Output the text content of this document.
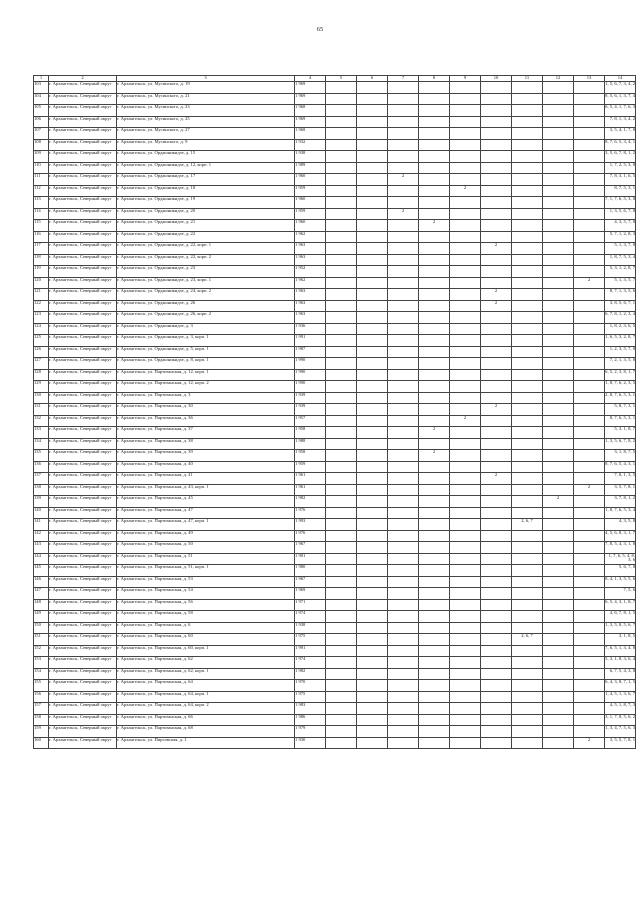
65
1	2	3	4	5	6	7	8	9	10	11	12	13	14
103	г. Архангельск, Северный округ	г. Архангельск, ул. Мусинского, д. 19	1 969										1, 5, 6, 7, 3, 4, 2
104	г. Архангельск, Северный округ	г. Архангельск, ул. Мусинского, д. 21	1 969										8, 5, 6, 1, 3, 7, 4
105	г. Архангельск, Северный округ	г. Архангельск, ул. Мусинского, д. 23	1 968										6, 5, 4, 1, 7, 6, 3
106	г. Архангельск, Северный округ	г. Архангельск, ул. Мусинского, д. 25	1 969										7, 8, 1, 3, 4, 2
107	г. Архангельск, Северный округ	г. Архангельск, ул. Мусинского, д. 27	1 968										3, 5, 4, 1, 7, 8
108	г. Архангельск, Северный округ	г. Архангельск, ул. Мусинского, д. 9	1 932										8, 7, 6, 5, 3, 4, 1
109	г. Архангельск, Северный округ	г. Архангельск, ул. Орджоникидзе, д. 15	1 938										3, 5, 6, 7, 8, 1, 2
110	г. Архангельск, Северный округ	г. Архангельск, ул. Орджоникидзе, д. 12, корп. 1	1 989										1, 7, 2, 5, 3, 8
111	г. Архангельск, Северный округ	г. Архангельск, ул. Орджоникидзе, д. 17	1 960			2							7, 8, 3, 1, 6, 5
112	г. Архангельск, Северный округ	г. Архангельск, ул. Орджоникидзе, д. 18	1 959					2					8, 7, 5, 3, 1
113	г. Архангельск, Северный округ	г. Архангельск, ул. Орджоникидзе, д. 19	1 960										7, 1, 7, 6, 5, 3, 8
114	г. Архангельск, Северный округ	г. Архангельск, ул. Орджоникидзе, д. 20	1 959			2							1, 3, 5, 6, 7, 8
115	г. Архангельск, Северный округ	г. Архангельск, ул. Орджоникидзе, д. 21	1 960				2						4, 3, 5, 7, 8
116	г. Архангельск, Северный округ	г. Архангельск, ул. Орджоникидзе, д. 22	1 962										5, 7, 1, 2, 8, 3
117	г. Архангельск, Северный округ	г. Архангельск, ул. Орджоникидзе, д. 22, корп. 1	1 963						2				5, 1, 3, 7, 8
118	г. Архангельск, Северный округ	г. Архангельск, ул. Орджоникидзе, д. 22, корп. 2	1 963										1, 8, 7, 5, 3, 4
119	г. Архангельск, Северный округ	г. Архангельск, ул. Орджоникидзе, д. 23	1 952										5, 3, 1, 2, 8, 7
120	г. Архангельск, Северный округ	г. Архангельск, ул. Орджоникидзе, д. 23, корп. 1	1 962									2	5, 1, 3, 5, 7
121	г. Архангельск, Северный округ	г. Архангельск, ул. Орджоникидзе, д. 24, корп. 2	1 963						2				8, 7, 1, 3, 5, 6
122	г. Архангельск, Северный округ	г. Архангельск, ул. Орджоникидзе, д. 26	1 963						2				3, 8, 5, 6, 7, 1
123	г. Архангельск, Северный округ	г. Архангельск, ул. Орджоникидзе, д. 26, корп. 2	1 963										6, 7, 8, 1, 2, 3, 4
124	г. Архангельск, Северный округ	г. Архангельск, ул. Орджоникидзе, д. 3	1 936										1, 8, 2, 3, 6, 5
125	г. Архангельск, Северный округ	г. Архангельск, ул. Орджоникидзе, д. 3, корп. 1	1 991										1, 6, 5, 3, 2, 8, 7
126	г. Архангельск, Северный округ	г. Архангельск, ул. Орджоникидзе, д. 5, корп. 1	1 987										1, 2, 3, 5, 7, 8
127	г. Архангельск, Северный округ	г. Архангельск, ул. Орджоникидзе, д. 8, корп. 1	1 990										7, 2, 1, 3, 5, 8
128	г. Архангельск, Северный округ	г. Архангельск, ул. Партизанская, д. 12, корп. 1	1 990										6, 5, 2, 3, 8, 1, 7
129	г. Архангельск, Северный округ	г. Архангельск, ул. Партизанская, д. 12, корп. 2	1 990										1, 8, 7, 6, 2, 3, 5
130	г. Архангельск, Северный округ	г. Архангельск, ул. Партизанская, д. 3	1 939										2, 8, 7, 6, 5, 3, 1
131	г. Архангельск, Северный округ	г. Архангельск, ул. Партизанская, д. 30	1 939						2				5, 8, 7, 3, 1
132	г. Архангельск, Северный округ	г. Архангельск, ул. Партизанская, д. 36	1 957					2					8, 7, 6, 5, 3, 1
133	г. Архангельск, Северный округ	г. Архангельск, ул. Партизанская, д. 37	1 958				2						5, 3, 1, 8, 7
134	г. Архангельск, Северный округ	г. Архангельск, ул. Партизанская, д. 38	1 988										1, 3, 5, 6, 7, 8, 2
135	г. Архангельск, Северный округ	г. Архангельск, ул. Партизанская, д. 39	1 958				2						3, 1, 8, 7, 5
136	г. Архангельск, Северный округ	г. Архангельск, ул. Партизанская, д. 40	1 959										8, 7, 6, 5, 4, 3, 1
137	г. Архангельск, Северный округ	г. Архангельск, ул. Партизанская, д. 41	1 961						2				7, 8, 1, 3, 5
138	г. Архангельск, Северный округ	г. Архангельск, ул. Партизанская, д. 43, корп. 1	1 961									2	3, 5, 7, 8, 1
139	г. Архангельск, Северный округ	г. Архангельск, ул. Партизанская, д. 45	1 982								2		3, 7, 8, 1, 2
140	г. Архангельск, Северный округ	г. Архангельск, ул. Партизанская, д. 47	1 976										1, 8, 7, 6, 5, 3, 4
141	г. Архангельск, Северный округ	г. Архангельск, ул. Партизанская, д. 47, корп. 1	1 993							2, 6, 7			4, 3, 5, 8
142	г. Архангельск, Северный округ	г. Архангельск, ул. Партизанская, д. 49	1 976										4, 5, 6, 8, 3, 1, 7
143	г. Архангельск, Северный округ	г. Архангельск, ул. Партизанская, д. 50	1 967										7, 8, 5, 4, 3, 1, 8
144	г. Архангельск, Северный округ	г. Архангельск, ул. Партизанская, д. 51	1 901										1, 7, 6, 5, 4, 8, 3, 6
145	г. Архангельск, Северный округ	г. Архангельск, ул. Партизанская, д. 51, корп. 1	1 980										5, 6, 7, 8
146	г. Архангельск, Северный округ	г. Архангельск, ул. Партизанская, д. 53	1 967										8, 4, 1, 3, 5, 5, 6
147	г. Архангельск, Северный округ	г. Архангельск, ул. Партизанская, д. 54	1 969										7, 5, 6
148	г. Архангельск, Северный округ	г. Архангельск, ул. Партизанская, д. 56	1 971										6, 5, 4, 3, 1, 8, 7
149	г. Архангельск, Северный округ	г. Архангельск, ул. Партизанская, д. 58	1 974										4, 6, 7, 8, 1, 5
150	г. Архангельск, Северный округ	г. Архангельск, ул. Партизанская, д. 6	1 938										1, 3, 5, 8, 5, 6, 7
151	г. Архангельск, Северный округ	г. Архангельск, ул. Партизанская, д. 60	1 975							2, 6, 7			3, 1, 8, 5
152	г. Архангельск, Северный округ	г. Архангельск, ул. Партизанская, д. 60, корп. 1	1 991										7, 6, 5, 1, 3, 4, 8
153	г. Архангельск, Северный округ	г. Архангельск, ул. Партизанская, д. 62	1 974										5, 3, 1, 8, 3, 6, 4
154	г. Архангельск, Северный округ	г. Архангельск, ул. Партизанская, д. 62, корп. 1	1 982										6, 7, 5, 4, 3, 8
155	г. Архангельск, Северный округ	г. Архангельск, ул. Партизанская, д. 64	1 970										6, 4, 3, 8, 7, 1, 5
156	г. Архангельск, Северный округ	г. Архангельск, ул. Партизанская, д. 64, корп. 1	1 975										1, 4, 5, 1, 3, 6, 7
157	г. Архангельск, Северный округ	г. Архангельск, ул. Партизанская, д. 64, корп. 2	1 983										4, 5, 1, 8, 7, 3
158	г. Архангельск, Северный округ	г. Архангельск, ул. Партизанская, д. 66	1 986										3, 1, 7, 8, 5, 6, 2
159	г. Архангельск, Северный округ	г. Архангельск, ул. Партизанская, д. 68	1 979										1, 3, 4, 7, 5, 6, 3
160	г. Архангельск, Северный округ	г. Архангельск, ул. Пирсовская, д. 1	1 930									2	3, 5, 5, 7, 8, 1
